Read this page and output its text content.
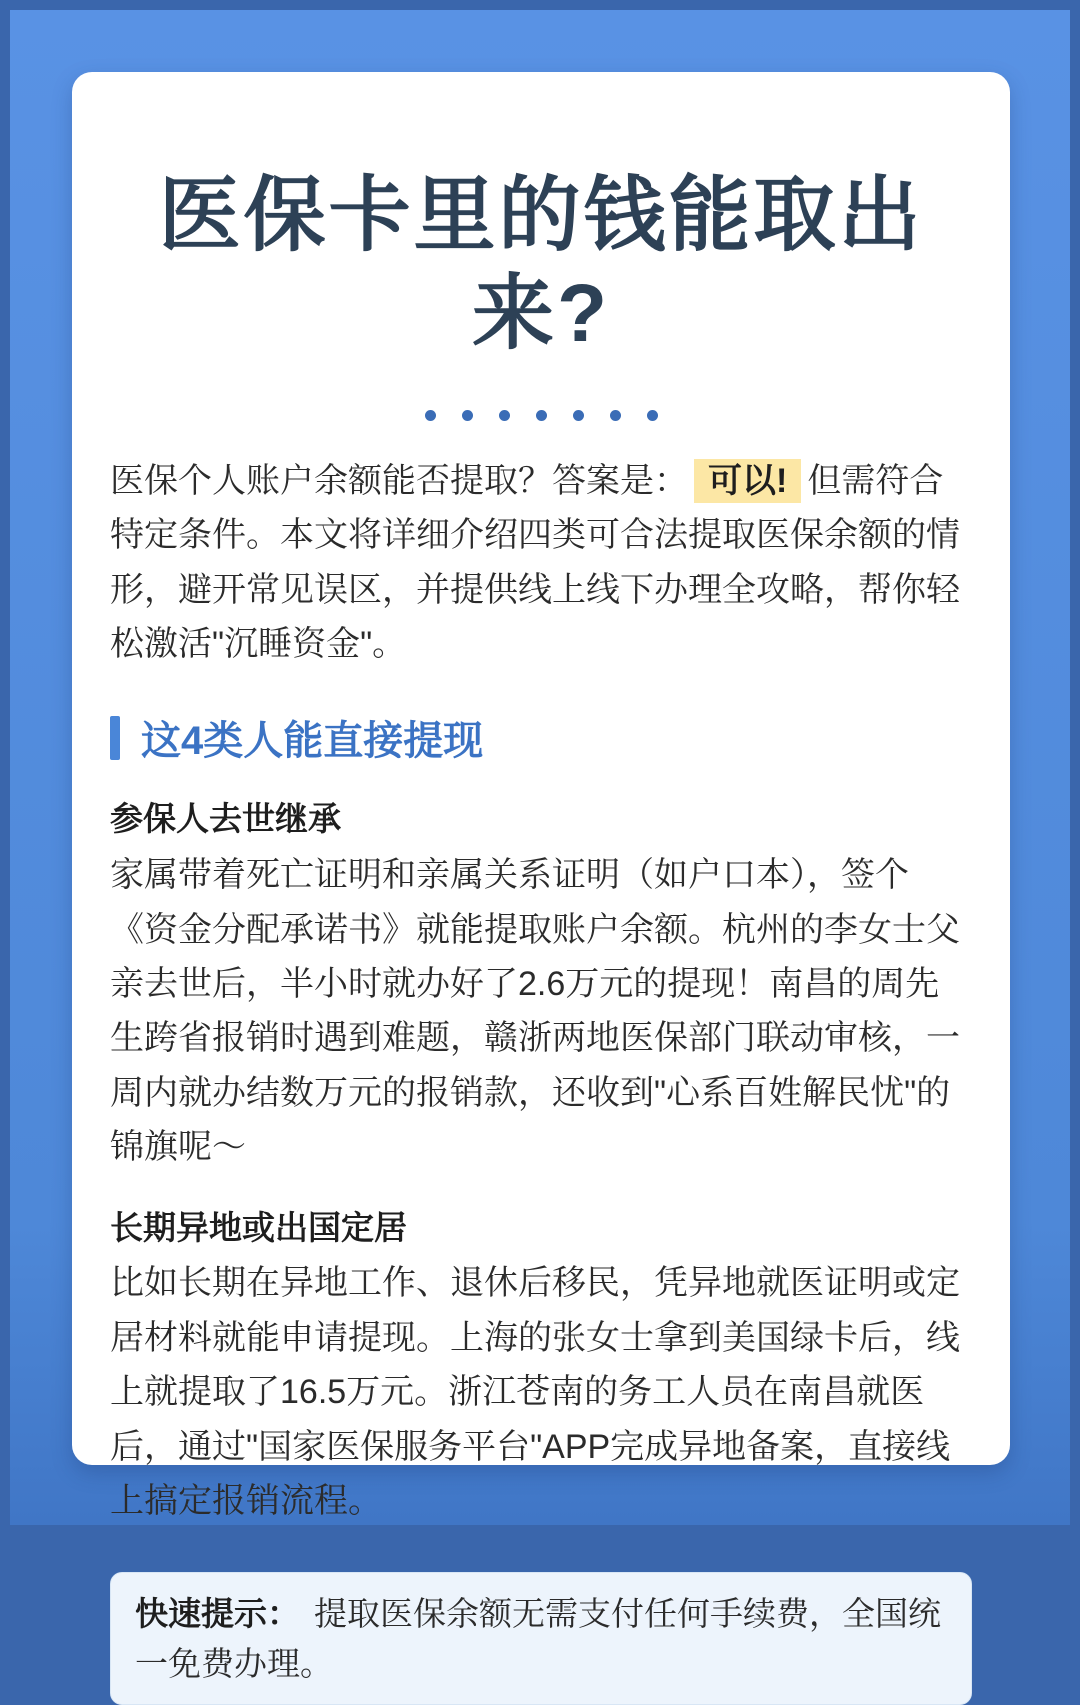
医保卡里的钱能取出来?

医保个人账户余额能否提取？答案是： 可以! 但需符合特定条件。本文将详细介绍四类可合法提取医保余额的情形，避开常见误区，并提供线上线下办理全攻略，帮你轻松激活"沉睡资金"。

这4类人能直接提现
参保人去世继承

家属带着死亡证明和亲属关系证明（如户口本），签个《资金分配承诺书》就能提取账户余额。杭州的李女士父亲去世后，半小时就办好了2.6万元的提现！南昌的周先生跨省报销时遇到难题，赣浙两地医保部门联动审核，一周内就办结数万元的报销款，还收到"心系百姓解民忧"的锦旗呢～

长期异地或出国定居

比如长期在异地工作、退休后移民，凭异地就医证明或定居材料就能申请提现。上海的张女士拿到美国绿卡后，线上就提取了16.5万元。浙江苍南的务工人员在南昌就医后，通过"国家医保服务平台"APP完成异地备案，直接线上搞定报销流程。

快速提示： 提取医保余额无需支付任何手续费，全国统一免费办理。
